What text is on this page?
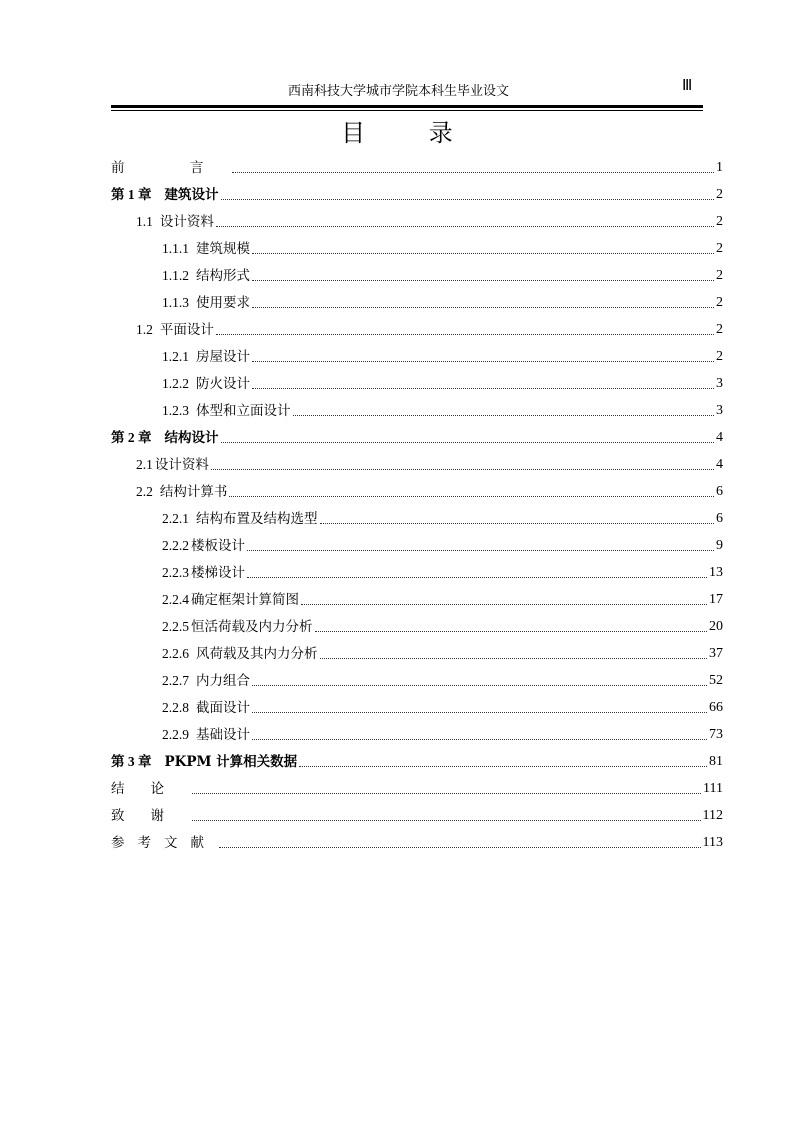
西南科技大学城市学院本科生毕业设文	Ⅲ
目 录
前　言	1
第 1 章 建筑设计	2
1.1 设计资料	2
1.1.1 建筑规模	2
1.1.2 结构形式	2
1.1.3 使用要求	2
1.2 平面设计	2
1.2.1 房屋设计	2
1.2.2 防火设计	3
1.2.3 体型和立面设计	3
第 2 章 结构设计	4
2.1 设计资料	4
2.2 结构计算书	6
2.2.1 结构布置及结构选型	6
2.2.2 楼板设计	9
2.2.3 楼梯设计	13
2.2.4 确定框架计算简图	17
2.2.5 恒活荷载及内力分析	20
2.2.6 风荷载及其内力分析	37
2.2.7 内力组合	52
2.2.8 截面设计	66
2.2.9 基础设计	73
第 3 章 PKPM 计算相关数据	81
结论	111
致谢	112
参考文献	113
